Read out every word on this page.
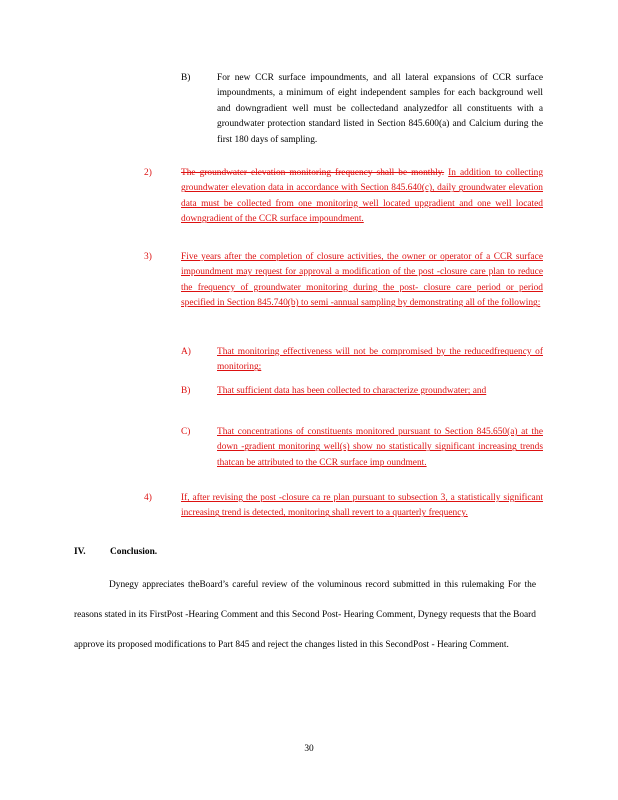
B)	For new CCR surface impoundments, and all lateral expansions of CCR surface impoundments, a minimum of eight independent samples for each background well and downgradient well must be collectedand analyzedfor all constituents with a groundwater protection standard listed in Section 845.600(a) and Calcium during the first 180 days of sampling.
2)	The groundwater elevation monitoring frequency shall be monthly. In addition to collecting groundwater elevation data in accordance with Section 845.640(c), daily groundwater elevation data must be collected from one monitoring well located upgradient and one well located downgradient of the CCR surface impoundment.
3)	Five years after the completion of closure activities, the owner or operator of a CCR surface impoundment may request for approval a modification of the post -closure care plan to reduce the frequency of groundwater monitoring during the post- closure care period or period specified in Section 845.740(b) to semi -annual sampling by demonstrating all of the following:
A)	That monitoring effectiveness will not be compromised by the reducedfrequency of monitoring;
B)	That sufficient data has been collected to characterize groundwater; and
C)	That concentrations of constituents monitored pursuant to Section 845.650(a) at the down -gradient monitoring well(s) show no statistically significant increasing trends thatcan be attributed to the CCR surface imp oundment.
4)	If, after revising the post -closure ca re plan pursuant to subsection 3, a statistically significant increasing trend is detected, monitoring shall revert to a quarterly frequency.
IV.	Conclusion.

Dynegy appreciates theBoard’s careful review of the voluminous record submitted in this rulemaking For the reasons stated in its FirstPost -Hearing Comment and this Second Post- Hearing Comment, Dynegy requests that the Board approve its proposed modifications to Part 845 and reject the changes listed in this SecondPost - Hearing Comment.

30
